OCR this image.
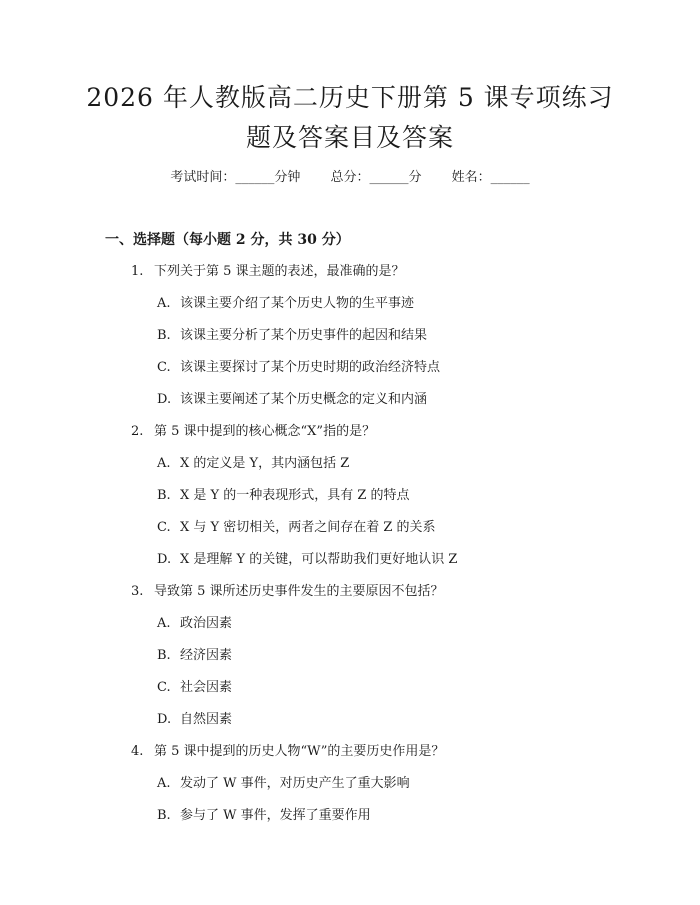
2026 年人教版高二历史下册第 5 课专项练习
题及答案目及答案
考试时间：______分钟 总分：______分 姓名：______
一、选择题（每小题 2 分，共 30 分）
1. 下列关于第 5 课主题的表述，最准确的是？
A. 该课主要介绍了某个历史人物的生平事迹
B. 该课主要分析了某个历史事件的起因和结果
C. 该课主要探讨了某个历史时期的政治经济特点
D. 该课主要阐述了某个历史概念的定义和内涵
2. 第 5 课中提到的核心概念“X”指的是？
A. X 的定义是 Y，其内涵包括 Z
B. X 是 Y 的一种表现形式，具有 Z 的特点
C. X 与 Y 密切相关，两者之间存在着 Z 的关系
D. X 是理解 Y 的关键，可以帮助我们更好地认识 Z
3. 导致第 5 课所述历史事件发生的主要原因不包括？
A. 政治因素
B. 经济因素
C. 社会因素
D. 自然因素
4. 第 5 课中提到的历史人物“W”的主要历史作用是？
A. 发动了 W 事件，对历史产生了重大影响
B. 参与了 W 事件，发挥了重要作用
